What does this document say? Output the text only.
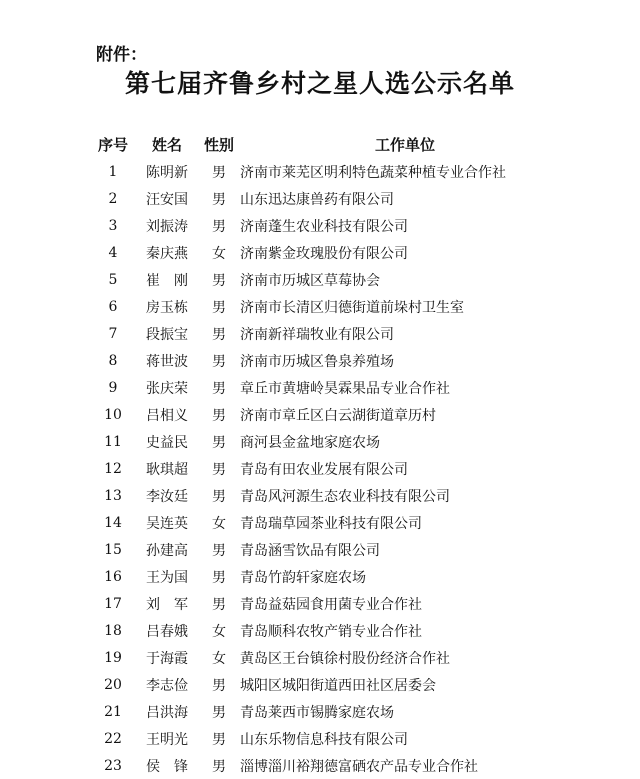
附件：
第七届齐鲁乡村之星人选公示名单
序号	姓名	性别	工作单位
1	陈明新	男	济南市莱芜区明利特色蔬菜种植专业合作社
2	汪安国	男	山东迅达康兽药有限公司
3	刘振涛	男	济南蓬生农业科技有限公司
4	秦庆燕	女	济南紫金玫瑰股份有限公司
5	崔　刚	男	济南市历城区草莓协会
6	房玉栋	男	济南市长清区归德街道前垛村卫生室
7	段振宝	男	济南新祥瑞牧业有限公司
8	蒋世波	男	济南市历城区鲁泉养殖场
9	张庆荣	男	章丘市黄塘岭昊霖果品专业合作社
10	吕相义	男	济南市章丘区白云湖街道章历村
11	史益民	男	商河县金盆地家庭农场
12	耿琪超	男	青岛有田农业发展有限公司
13	李汝廷	男	青岛风河源生态农业科技有限公司
14	吴连英	女	青岛瑞草园茶业科技有限公司
15	孙建高	男	青岛涵雪饮品有限公司
16	王为国	男	青岛竹韵轩家庭农场
17	刘　军	男	青岛益菇园食用菌专业合作社
18	吕春娥	女	青岛顺科农牧产销专业合作社
19	于海霞	女	黄岛区王台镇徐村股份经济合作社
20	李志俭	男	城阳区城阳街道西田社区居委会
21	吕洪海	男	青岛莱西市锡腾家庭农场
22	王明光	男	山东乐物信息科技有限公司
23	侯　锋	男	淄博淄川裕翔德富硒农产品专业合作社
